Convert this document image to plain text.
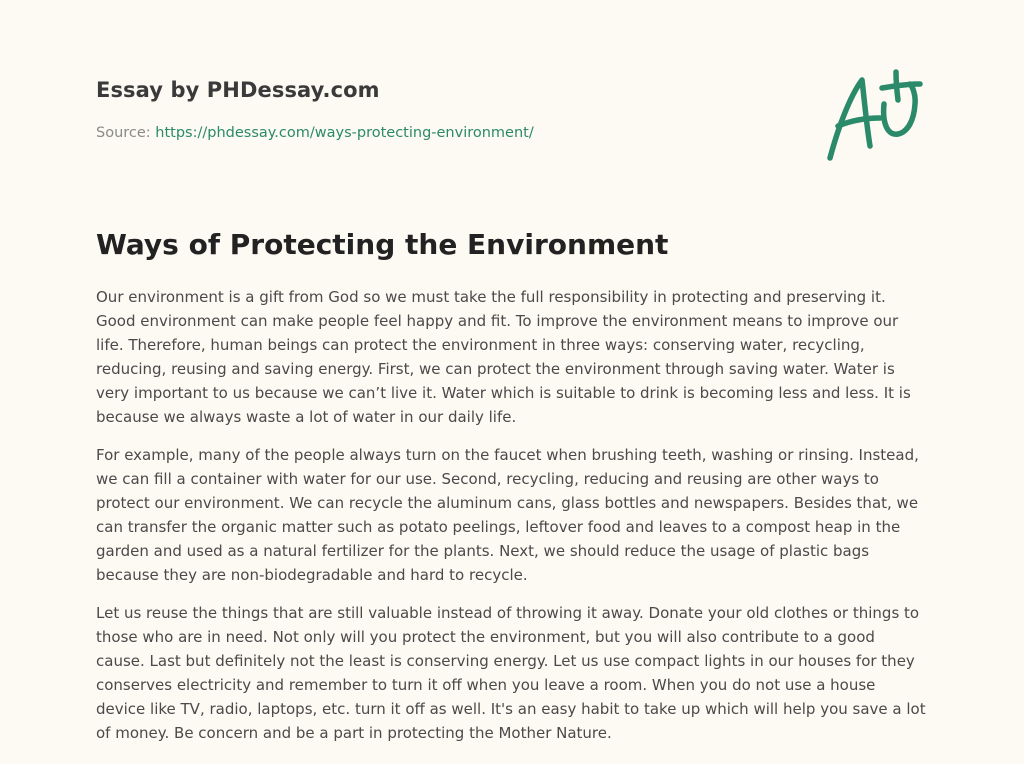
Essay by PHDessay.com
Source: https://phdessay.com/ways-protecting-environment/
Ways of Protecting the Environment

Our environment is a gift from God so we must take the full responsibility in protecting and preserving it. Good environment can make people feel happy and fit. To improve the environment means to improve our life. Therefore, human beings can protect the environment in three ways: conserving water, recycling, reducing, reusing and saving energy. First, we can protect the environment through saving water. Water is very important to us because we can’t live it. Water which is suitable to drink is becoming less and less. It is because we always waste a lot of water in our daily life.

For example, many of the people always turn on the faucet when brushing teeth, washing or rinsing. Instead, we can fill a container with water for our use. Second, recycling, reducing and reusing are other ways to protect our environment. We can recycle the aluminum cans, glass bottles and newspapers. Besides that, we can transfer the organic matter such as potato peelings, leftover food and leaves to a compost heap in the garden and used as a natural fertilizer for the plants. Next, we should reduce the usage of plastic bags because they are non-biodegradable and hard to recycle.

Let us reuse the things that are still valuable instead of throwing it away. Donate your old clothes or things to those who are in need. Not only will you protect the environment, but you will also contribute to a good cause. Last but definitely not the least is conserving energy. Let us use compact lights in our houses for they conserves electricity and remember to turn it off when you leave a room. When you do not use a house device like TV, radio, laptops, etc. turn it off as well. It's an easy habit to take up which will help you save a lot of money. Be concern and be a part in protecting the Mother Nature.
